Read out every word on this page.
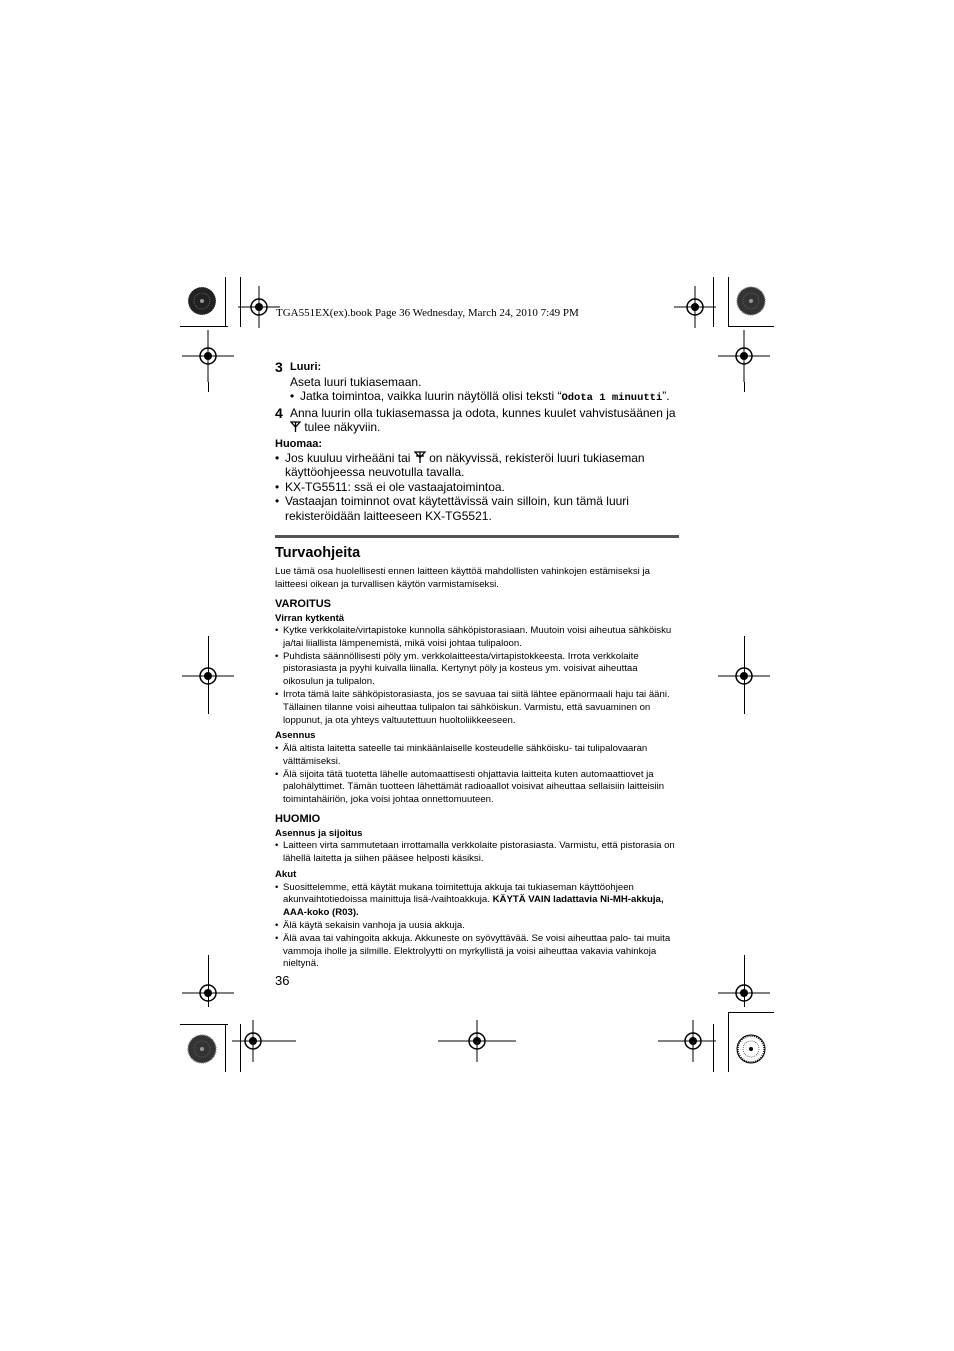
TGA551EX(ex).book Page 36 Wednesday, March 24, 2010 7:49 PM
3 Luuri:
Aseta luuri tukiasemaan.
• Jatka toimintoa, vaikka luurin näytöllä olisi teksti “Odota 1 minuutti”.
4 Anna luurin olla tukiasemassa ja odota, kunnes kuulet vahvistusäänen ja  tulee näkyviin.
Huomaa:
• Jos kuuluu virheääni tai on näkyvissä, rekisteröi luuri tukiaseman käyttöohjeessa neuvotulla tavalla.
• KX-TG5511: ssä ei ole vastaajatoimintoa.
• Vastaajan toiminnot ovat käytettävissä vain silloin, kun tämä luuri rekisteröidään laitteeseen KX-TG5521.
Turvaohjeita
Lue tämä osa huolellisesti ennen laitteen käyttöä mahdollisten vahinkojen estämiseksi ja laitteesi oikean ja turvallisen käytön varmistamiseksi.
VAROITUS
Virran kytkentä
• Kytke verkkolaite/virtapistoke kunnolla sähköpistorasiaan. Muutoin voisi aiheutua sähköisku ja/tai liiallista lämpenemistä, mikä voisi johtaa tulipaloon.
• Puhdista säännöllisesti pöly ym. verkkolaitteesta/virtapistokkeesta. Irrota verkkolaite pistorasiasta ja pyyhi kuivalla liinalla. Kertynyt pöly ja kosteus ym. voisivat aiheuttaa oikosulun ja tulipalon.
• Irrota tämä laite sähköpistorasiasta, jos se savuaa tai siitä lähtee epänormaali haju tai ääni. Tällainen tilanne voisi aiheuttaa tulipalon tai sähköiskun. Varmistu, että savuaminen on loppunut, ja ota yhteys valtuutettuun huoltoliikkeeseen.
Asennus
• Älä altista laitetta sateelle tai minkäänlaiselle kosteudelle sähköisku- tai tulipalovaaran välttämiseksi.
• Älä sijoita tätä tuotetta lähelle automaattisesti ohjattavia laitteita kuten automaattiovet ja palohälyttimet. Tämän tuotteen lähettämät radioaallot voisivat aiheuttaa sellaisiin laitteisiin toimintahäiriön, joka voisi johtaa onnettomuuteen.
HUOMIO
Asennus ja sijoitus
• Laitteen virta sammutetaan irrottamalla verkkolaite pistorasiasta. Varmistu, että pistorasia on lähellä laitetta ja siihen pääsee helposti käsiksi.
Akut
• Suosittelemme, että käytät mukana toimitettuja akkuja tai tukiaseman käyttöohjeen akunvaihtotiedoissa mainittuja lisä-/vaihtoakkuja. KÄYTÄ VAIN ladattavia Ni-MH-akkuja, AAA-koko (R03).
• Älä käytä sekaisin vanhoja ja uusia akkuja.
• Älä avaa tai vahingoita akkuja. Akkuneste on syövyttävää. Se voisi aiheuttaa palo- tai muita vammoja iholle ja silmille. Elektrolyytti on myrkyllistä ja voisi aiheuttaa vakavia vahinkoja nieltynä.
36
